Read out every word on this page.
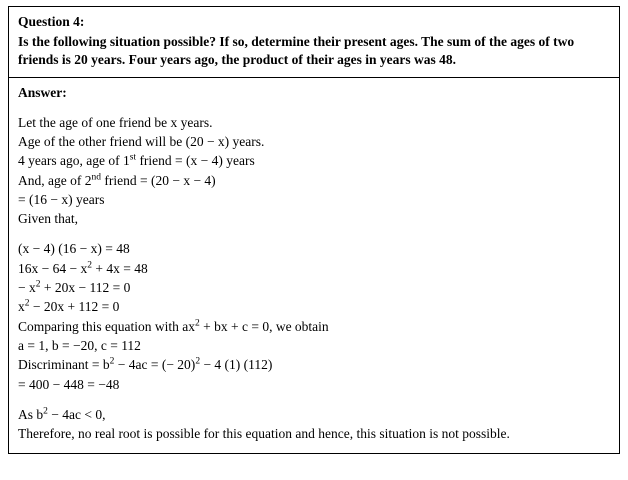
Question 4:
Is the following situation possible? If so, determine their present ages. The sum of the ages of two friends is 20 years. Four years ago, the product of their ages in years was 48.
Answer:
Let the age of one friend be x years.
Age of the other friend will be (20 − x) years.
4 years ago, age of 1st friend = (x − 4) years
And, age of 2nd friend = (20 − x − 4)
= (16 − x) years
Given that,
(x − 4) (16 − x) = 48
$16x - 64 - x^2 + 4x = 48$
− $x^2 + 20x - 112 = 0$
$x^2 - 20x + 112 = 0$
Comparing this equation with $ax^2$ + bx + c = 0, we obtain
a = 1, b = −20, c = 112
Discriminant = $b^2 - 4ac$ = (− 20)$^2$ − 4 (1) (112)
= 400 − 448 = −48
As $b^2 - 4ac < 0$,
Therefore, no real root is possible for this equation and hence, this situation is not possible.
